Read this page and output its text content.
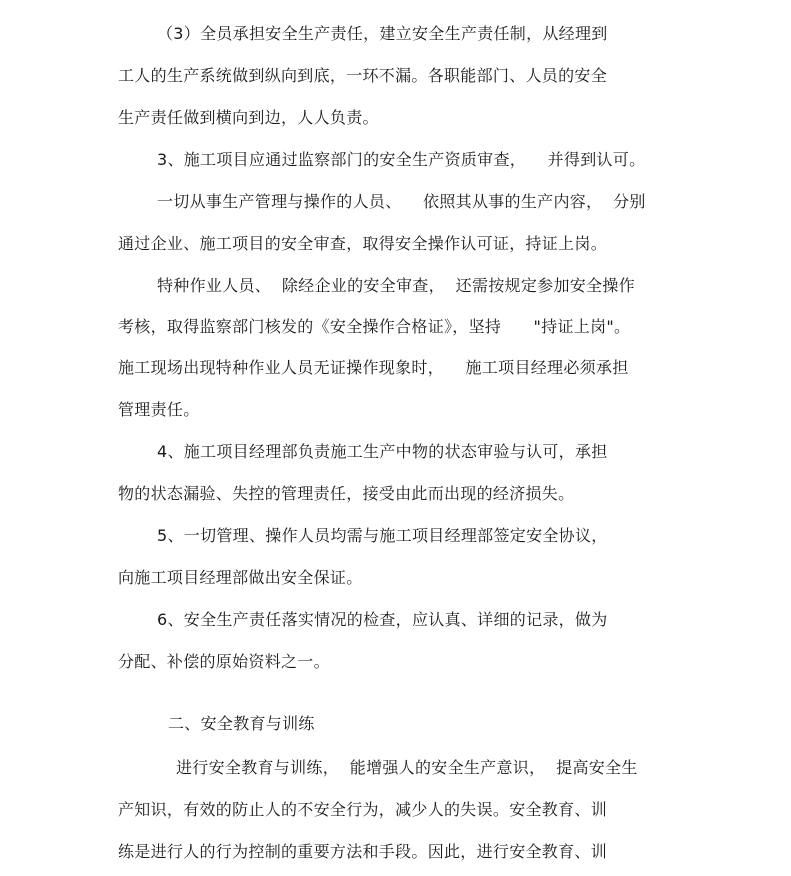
（3）全员承担安全生产责任，建立安全生产责任制，从经理到
工人的生产系统做到纵向到底，一环不漏。各职能部门、人员的安全
生产责任做到横向到边，人人负责。
3、施工项目应通过监察部门的安全生产资质审查，    并得到认可。
一切从事生产管理与操作的人员、    依照其从事的生产内容，  分别
通过企业、施工项目的安全审查，取得安全操作认可证，持证上岗。
特种作业人员、  除经企业的安全审查，  还需按规定参加安全操作
考核，取得监察部门核发的《安全操作合格证》，坚持      "持证上岗"。
施工现场出现特种作业人员无证操作现象时，    施工项目经理必须承担
管理责任。
4、施工项目经理部负责施工生产中物的状态审验与认可，承担
物的状态漏验、失控的管理责任，接受由此而出现的经济损失。
5、一切管理、操作人员均需与施工项目经理部签定安全协议，
向施工项目经理部做出安全保证。
6、安全生产责任落实情况的检查，应认真、详细的记录，做为
分配、补偿的原始资料之一。
二、安全教育与训练
进行安全教育与训练，  能增强人的安全生产意识，  提高安全生
产知识，有效的防止人的不安全行为，减少人的失误。安全教育、训
练是进行人的行为控制的重要方法和手段。因此，进行安全教育、训
